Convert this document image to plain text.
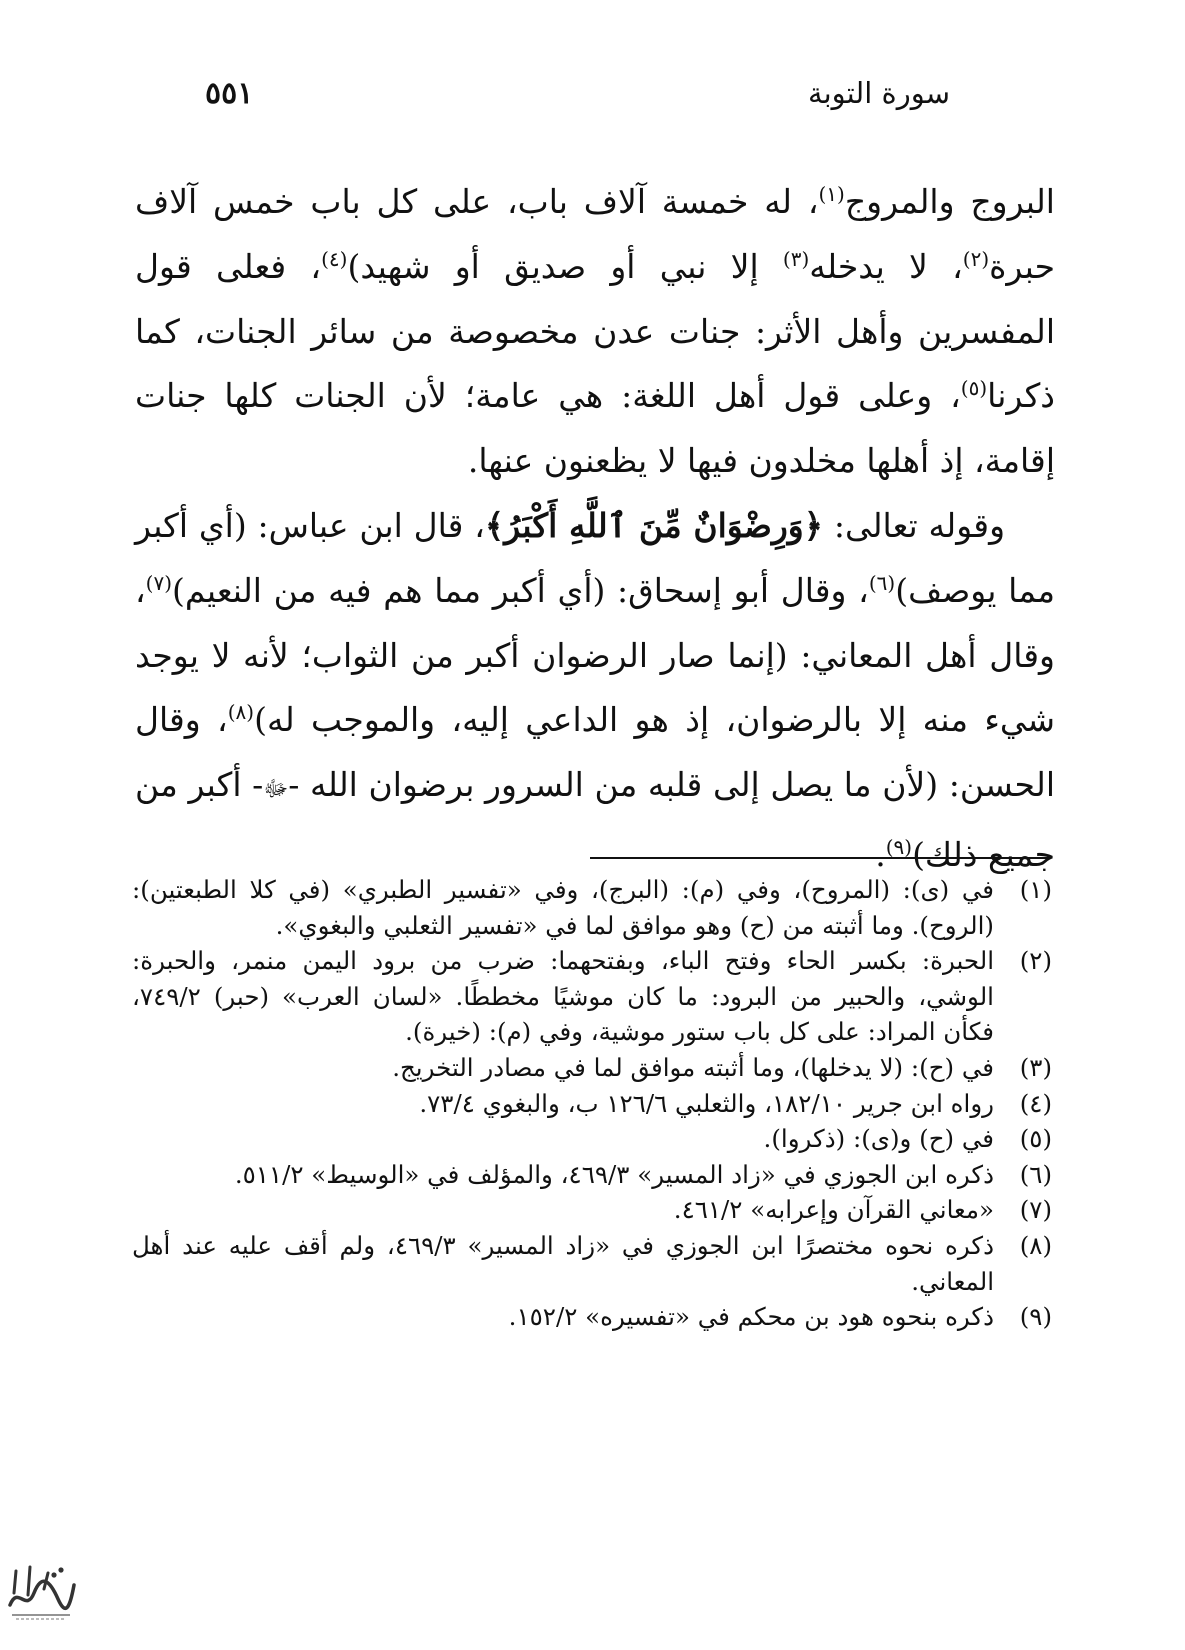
سورة التوبة
٥٥١

البروج والمروج$^{(١)}$، له خمسة آلاف باب، على كل باب خمس آلاف حبرة$^{(٢)}$، لا يدخله$^{(٣)}$ إلا نبي أو صديق أو شهيد)$^{(٤)}$، فعلى قول المفسرين وأهل الأثر: جنات عدن مخصوصة من سائر الجنات، كما ذكرنا$^{(٥)}$، وعلى قول أهل اللغة: هي عامة؛ لأن الجنات كلها جنات إقامة، إذ أهلها مخلدون فيها لا يظعنون عنها.

وقوله تعالى: ﴿وَرِضْوَانٌ مِّنَ ٱللَّهِ أَكْبَرُ﴾، قال ابن عباس: (أي أكبر مما يوصف)$^{(٦)}$، وقال أبو إسحاق: (أي أكبر مما هم فيه من النعيم)$^{(٧)}$، وقال أهل المعاني: (إنما صار الرضوان أكبر من الثواب؛ لأنه لا يوجد شيء منه إلا بالرضوان، إذ هو الداعي إليه، والموجب له)$^{(٨)}$، وقال الحسن: (لأن ما يصل إلى قلبه من السرور برضوان الله -ﷻ- أكبر من جميع ذلك)$^{(٩)}$.

(١)
في (ى): (المروح)، وفي (م): (البرج)، وفي «تفسير الطبري» (في كلا الطبعتين): (الروح). وما أثبته من (ح) وهو موافق لما في «تفسير الثعلبي والبغوي».
(٢)
الحبرة: بكسر الحاء وفتح الباء، وبفتحهما: ضرب من برود اليمن منمر، والحبرة: الوشي، والحبير من البرود: ما كان موشيًا مخططًا. «لسان العرب» (حبر) ٧٤٩/٢، فكأن المراد: على كل باب ستور موشية، وفي (م): (خيرة).
(٣)
في (ح): (لا يدخلها)، وما أثبته موافق لما في مصادر التخريج.
(٤)
رواه ابن جرير ١٨٢/١٠، والثعلبي ١٢٦/٦ ب، والبغوي ٧٣/٤.
(٥)
في (ح) و(ى): (ذكروا).
(٦)
ذكره ابن الجوزي في «زاد المسير» ٤٦٩/٣، والمؤلف في «الوسيط» ٥١١/٢.
(٧)
«معاني القرآن وإعرابه» ٤٦١/٢.
(٨)
ذكره نحوه مختصرًا ابن الجوزي في «زاد المسير» ٤٦٩/٣، ولم أقف عليه عند أهل المعاني.
(٩)
ذكره بنحوه هود بن محكم في «تفسيره» ١٥٢/٢.
